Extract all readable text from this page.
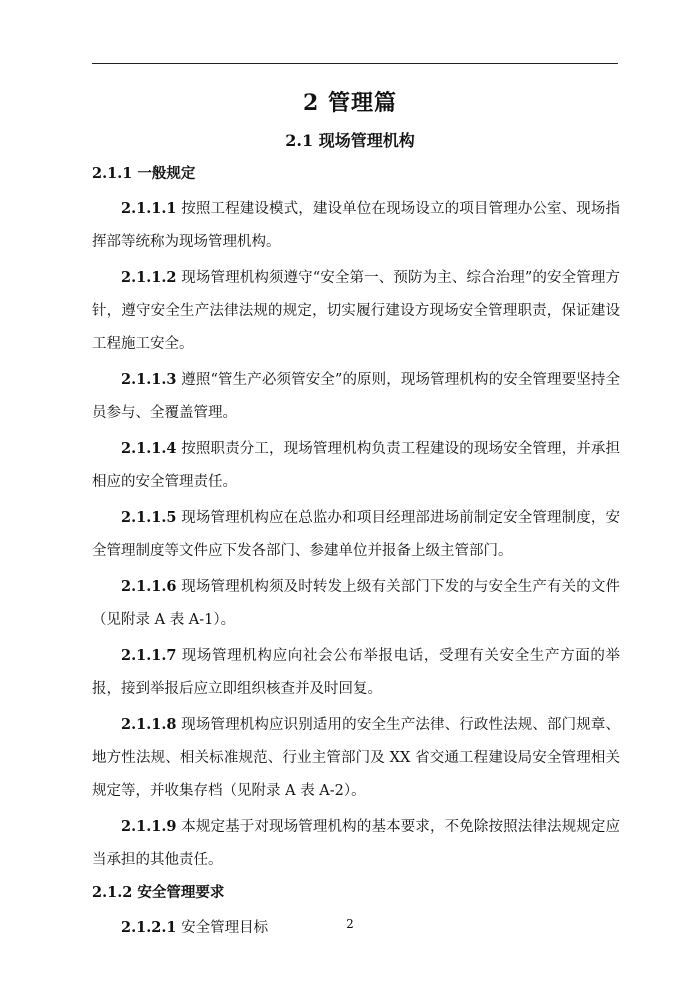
2 管理篇
2.1 现场管理机构
2.1.1 一般规定

2.1.1.1 按照工程建设模式，建设单位在现场设立的项目管理办公室、现场指挥部等统称为现场管理机构。

2.1.1.2 现场管理机构须遵守“安全第一、预防为主、综合治理”的安全管理方针，遵守安全生产法律法规的规定，切实履行建设方现场安全管理职责，保证建设工程施工安全。

2.1.1.3 遵照“管生产必须管安全”的原则，现场管理机构的安全管理要坚持全员参与、全覆盖管理。

2.1.1.4 按照职责分工，现场管理机构负责工程建设的现场安全管理，并承担相应的安全管理责任。

2.1.1.5 现场管理机构应在总监办和项目经理部进场前制定安全管理制度，安全管理制度等文件应下发各部门、参建单位并报备上级主管部门。

2.1.1.6 现场管理机构须及时转发上级有关部门下发的与安全生产有关的文件（见附录 A 表 A-1）。

2.1.1.7 现场管理机构应向社会公布举报电话，受理有关安全生产方面的举报，接到举报后应立即组织核查并及时回复。

2.1.1.8 现场管理机构应识别适用的安全生产法律、行政性法规、部门规章、地方性法规、相关标准规范、行业主管部门及 XX 省交通工程建设局安全管理相关规定等，并收集存档（见附录 A 表 A-2）。

2.1.1.9 本规定基于对现场管理机构的基本要求，不免除按照法律法规规定应当承担的其他责任。

2.1.2 安全管理要求

2.1.2.1 安全管理目标	2
